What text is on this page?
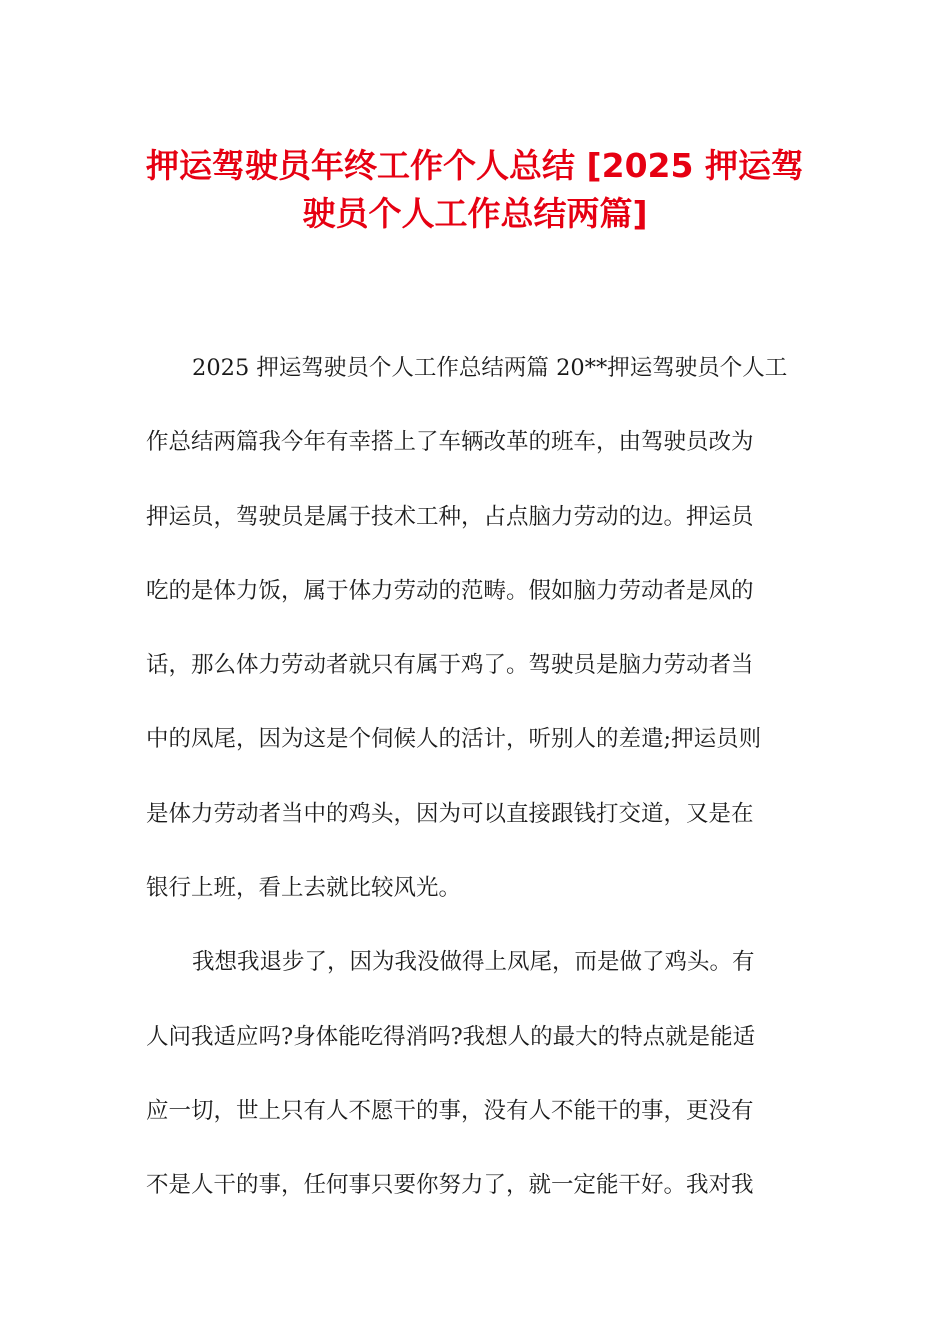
押运驾驶员年终工作个人总结 [2025 押运驾
驶员个人工作总结两篇]
2025 押运驾驶员个人工作总结两篇 20**押运驾驶员个人工
作总结两篇我今年有幸搭上了车辆改革的班车，由驾驶员改为
押运员，驾驶员是属于技术工种，占点脑力劳动的边。押运员
吃的是体力饭，属于体力劳动的范畴。假如脑力劳动者是凤的
话，那么体力劳动者就只有属于鸡了。驾驶员是脑力劳动者当
中的凤尾，因为这是个伺候人的活计，听别人的差遣;押运员则
是体力劳动者当中的鸡头，因为可以直接跟钱打交道，又是在
银行上班，看上去就比较风光。
我想我退步了，因为我没做得上凤尾，而是做了鸡头。有
人问我适应吗?身体能吃得消吗?我想人的最大的特点就是能适
应一切，世上只有人不愿干的事，没有人不能干的事，更没有
不是人干的事，任何事只要你努力了，就一定能干好。我对我
